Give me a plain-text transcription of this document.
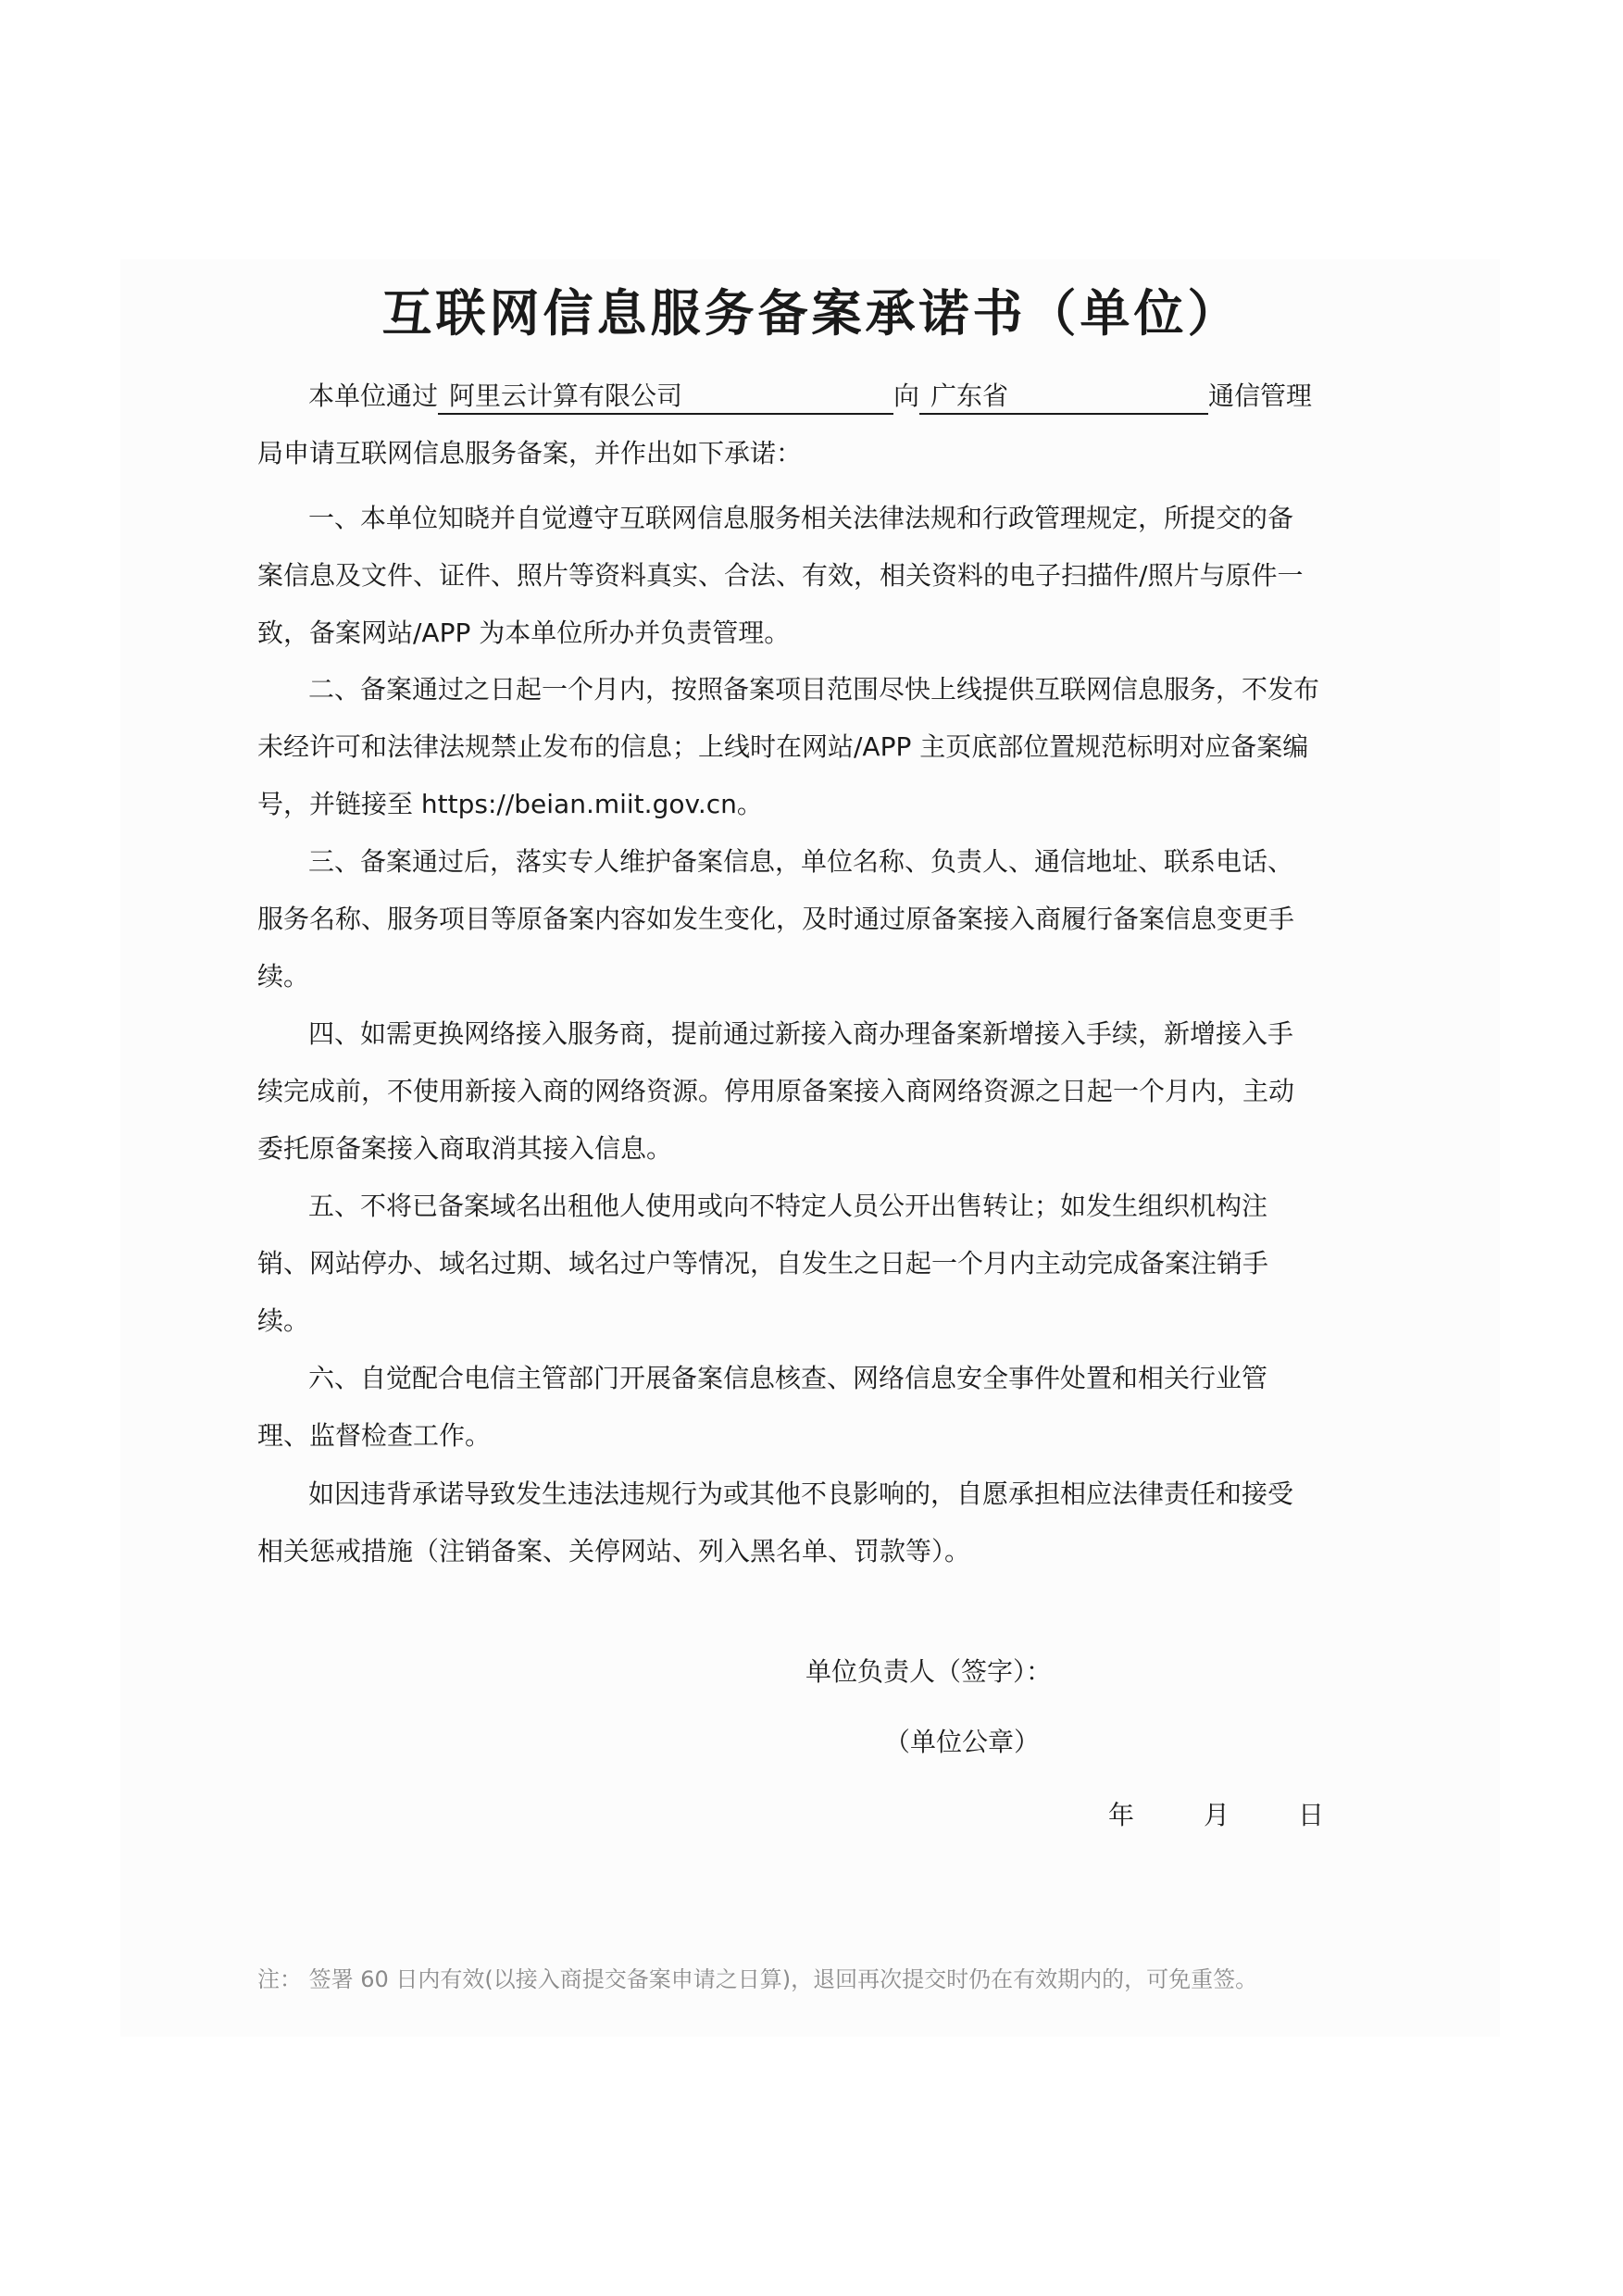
互联网信息服务备案承诺书（单位）
本单位通过 阿里云计算有限公司	向 广东省	通信管理
局申请互联网信息服务备案，并作出如下承诺：
一、本单位知晓并自觉遵守互联网信息服务相关法律法规和行政管理规定，所提交的备
案信息及文件、证件、照片等资料真实、合法、有效，相关资料的电子扫描件/照片与原件一
致，备案网站/APP 为本单位所办并负责管理。
二、备案通过之日起一个月内，按照备案项目范围尽快上线提供互联网信息服务，不发布
未经许可和法律法规禁止发布的信息；上线时在网站/APP 主页底部位置规范标明对应备案编
号，并链接至 https://beian.miit.gov.cn。
三、备案通过后，落实专人维护备案信息，单位名称、负责人、通信地址、联系电话、
服务名称、服务项目等原备案内容如发生变化，及时通过原备案接入商履行备案信息变更手
续。
四、如需更换网络接入服务商，提前通过新接入商办理备案新增接入手续，新增接入手
续完成前，不使用新接入商的网络资源。停用原备案接入商网络资源之日起一个月内，主动
委托原备案接入商取消其接入信息。
五、不将已备案域名出租他人使用或向不特定人员公开出售转让；如发生组织机构注
销、网站停办、域名过期、域名过户等情况，自发生之日起一个月内主动完成备案注销手
续。
六、自觉配合电信主管部门开展备案信息核查、网络信息安全事件处置和相关行业管
理、监督检查工作。
如因违背承诺导致发生违法违规行为或其他不良影响的，自愿承担相应法律责任和接受
相关惩戒措施（注销备案、关停网站、列入黑名单、罚款等）。
单位负责人（签字）：
（单位公章）
年	月	日
注： 签署 60 日内有效(以接入商提交备案申请之日算)，退回再次提交时仍在有效期内的，可免重签。
